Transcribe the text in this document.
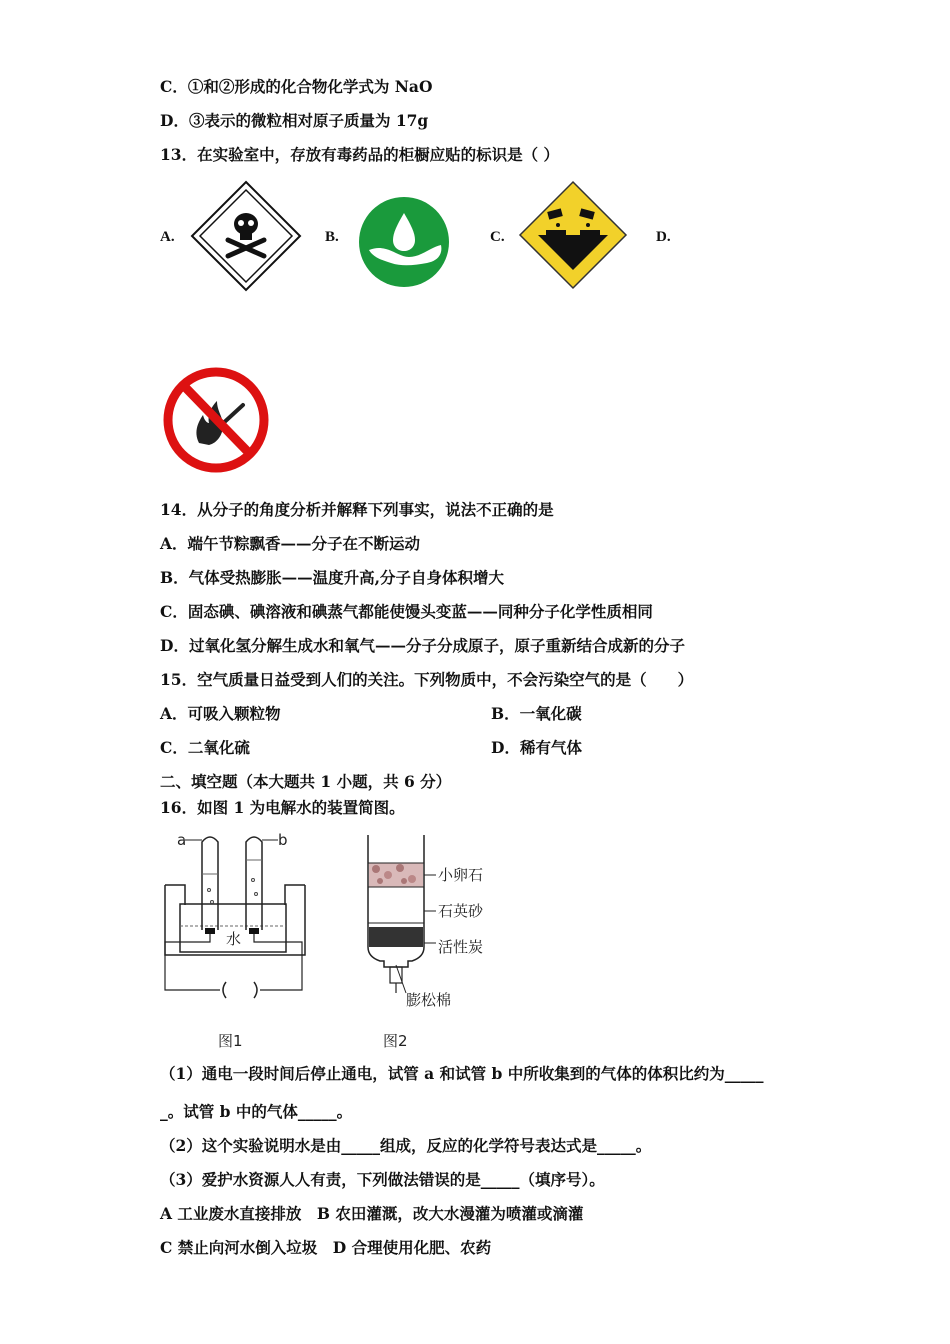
C．①和②形成的化合物化学式为 NaO
D．③表示的微粒相对原子质量为 17g
13．在实验室中，存放有毒药品的柜橱应贴的标识是（ ）
A.	B.	C.	D.
14．从分子的角度分析并解释下列事实，说法不正确的是
A．端午节粽飘香——分子在不断运动
B．气体受热膨胀——温度升高,分子自身体积增大
C．固态碘、碘溶液和碘蒸气都能使馒头变蓝——同种分子化学性质相同
D．过氧化氢分解生成水和氧气——分子分成原子，原子重新结合成新的分子
15．空气质量日益受到人们的关注。下列物质中，不会污染空气的是（　　）
A．可吸入颗粒物	B．一氧化碳
C．二氧化硫	D．稀有气体
二、填空题（本大题共 1 小题，共 6 分）
16．如图 1 为电解水的装置简图。
a	b
水
图1
小卵石
石英砂
活性炭
膨松棉
图2
（1）通电一段时间后停止通电，试管 a 和试管 b 中所收集到的气体的体积比约为_____
_。试管 b 中的气体_____。
（2）这个实验说明水是由_____组成，反应的化学符号表达式是_____。
（3）爱护水资源人人有责，下列做法错误的是_____（填序号）。
A 工业废水直接排放　B 农田灌溉，改大水漫灌为喷灌或滴灌
C 禁止向河水倒入垃圾　D 合理使用化肥、农药
